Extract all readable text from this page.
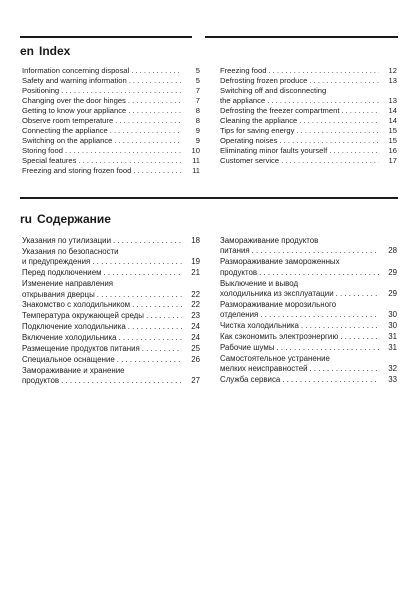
en Index
Information concerning disposal . . .	5
Safety and warning information . . .	5
Positioning . . .	7
Changing over the door hinges . . .	7
Getting to know your appliance . . .	8
Observe room temperature . . .	8
Connecting the appliance . . .	9
Switching on the appliance . . .	9
Storing food . . .	10
Special features . . .	11
Freezing and storing frozen food . . .	11
Freezing food . . .	12
Defrosting frozen produce . . .	13
Switching off and disconnecting
the appliance . . .	13
Defrosting the freezer compartment . . .	14
Cleaning the appliance . . .	14
Tips for saving energy . . .	15
Operating noises . . .	15
Eliminating minor faults yourself . . .	16
Customer service . . .	17
ru Содержание
Указания по утилизации . . .	18
Указания по безопасности
и предупреждения . . .	19
Перед подключением . . .	21
Изменение направления
открывания дверцы . . .	22
Знакомство с холодильником . . .	22
Температура окружающей среды . . .	23
Подключение холодильника . . .	24
Включение холодильника . . .	24
Размещение продуктов питания . . .	25
Специальное оснащение . . .	26
Замораживание и хранение
продуктов . . .	27
Замораживание продуктов
питания . . .	28
Размораживание замороженных
продуктов . . .	29
Выключение и вывод
холодильника из эксплуатации . . .	29
Размораживание морозильного
отделения . . .	30
Чистка холодильника . . .	30
Как сэкономить электроэнергию . . .	31
Рабочие шумы . . .	31
Самостоятельное устранение
мелких неисправностей . . .	32
Служба сервиса . . .	33
